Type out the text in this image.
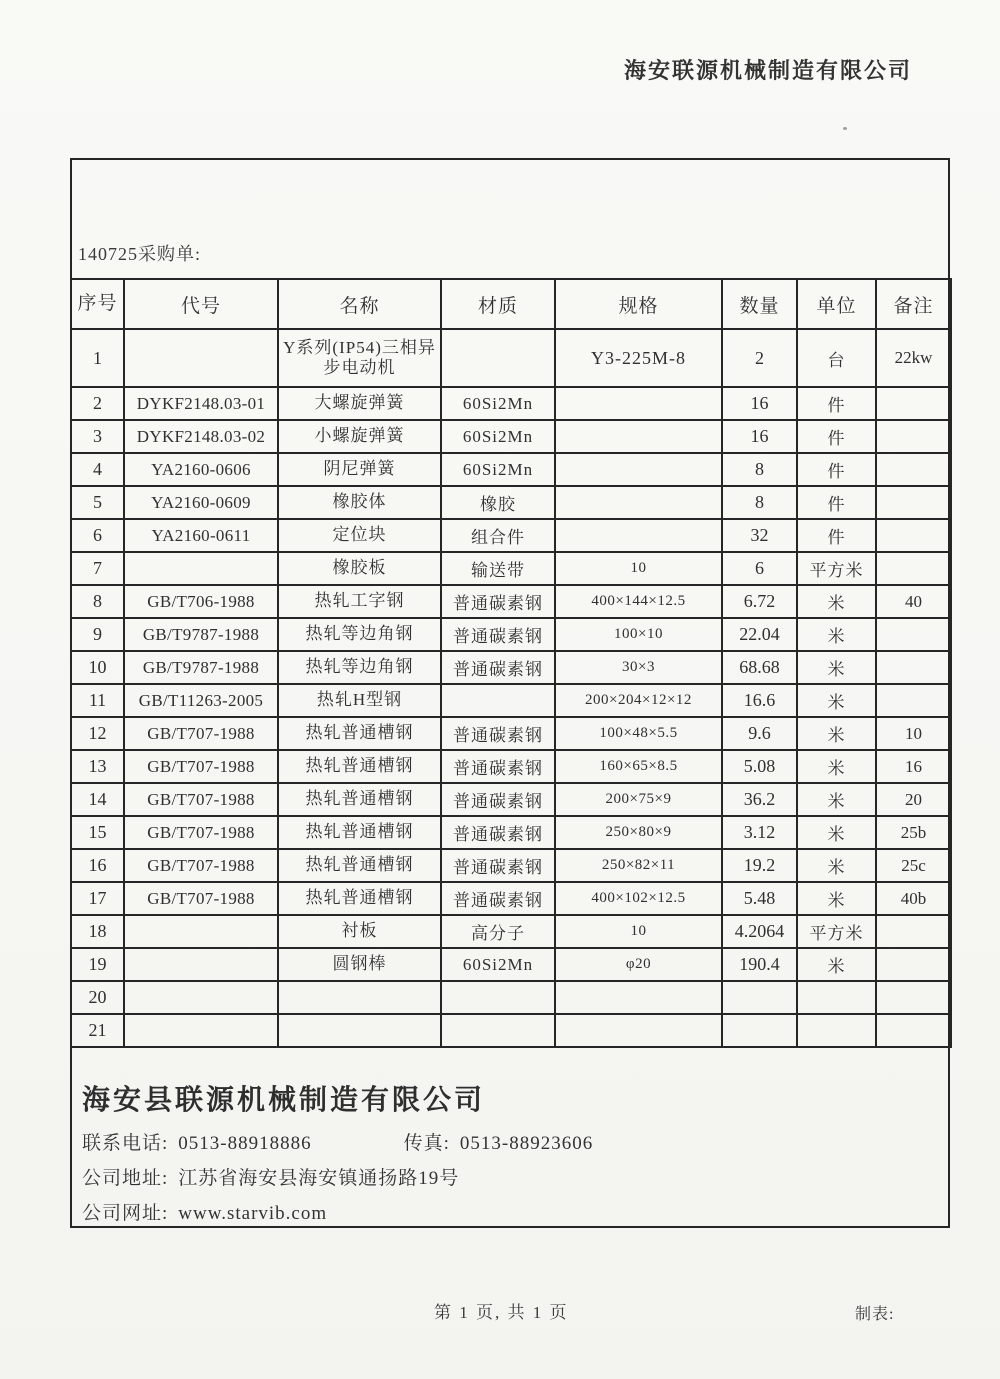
海安联源机械制造有限公司
140725采购单:
序号	代号	名称	材质	规格	数量	单位	备注
1		Y系列(IP54)三相异步电动机		Y3-225M-8	2	台	22kw
2	DYKF2148.03-01	大螺旋弹簧	60Si2Mn		16	件	
3	DYKF2148.03-02	小螺旋弹簧	60Si2Mn		16	件	
4	YA2160-0606	阴尼弹簧	60Si2Mn		8	件	
5	YA2160-0609	橡胶体	橡胶		8	件	
6	YA2160-0611	定位块	组合件		32	件	
7		橡胶板	输送带	10	6	平方米	
8	GB/T706-1988	热轧工字钢	普通碳素钢	400×144×12.5	6.72	米	40
9	GB/T9787-1988	热轧等边角钢	普通碳素钢	100×10	22.04	米	
10	GB/T9787-1988	热轧等边角钢	普通碳素钢	30×3	68.68	米	
11	GB/T11263-2005	热轧H型钢		200×204×12×12	16.6	米	
12	GB/T707-1988	热轧普通槽钢	普通碳素钢	100×48×5.5	9.6	米	10
13	GB/T707-1988	热轧普通槽钢	普通碳素钢	160×65×8.5	5.08	米	16
14	GB/T707-1988	热轧普通槽钢	普通碳素钢	200×75×9	36.2	米	20
15	GB/T707-1988	热轧普通槽钢	普通碳素钢	250×80×9	3.12	米	25b
16	GB/T707-1988	热轧普通槽钢	普通碳素钢	250×82×11	19.2	米	25c
17	GB/T707-1988	热轧普通槽钢	普通碳素钢	400×102×12.5	5.48	米	40b
18		衬板	高分子	10	4.2064	平方米	
19		圆钢棒	60Si2Mn	φ20	190.4	米	
20							
21							
海安县联源机械制造有限公司
联系电话: 0513-88918886	传真: 0513-88923606
公司地址: 江苏省海安县海安镇通扬路19号
公司网址: www.starvib.com
第 1 页, 共 1 页	制表:
